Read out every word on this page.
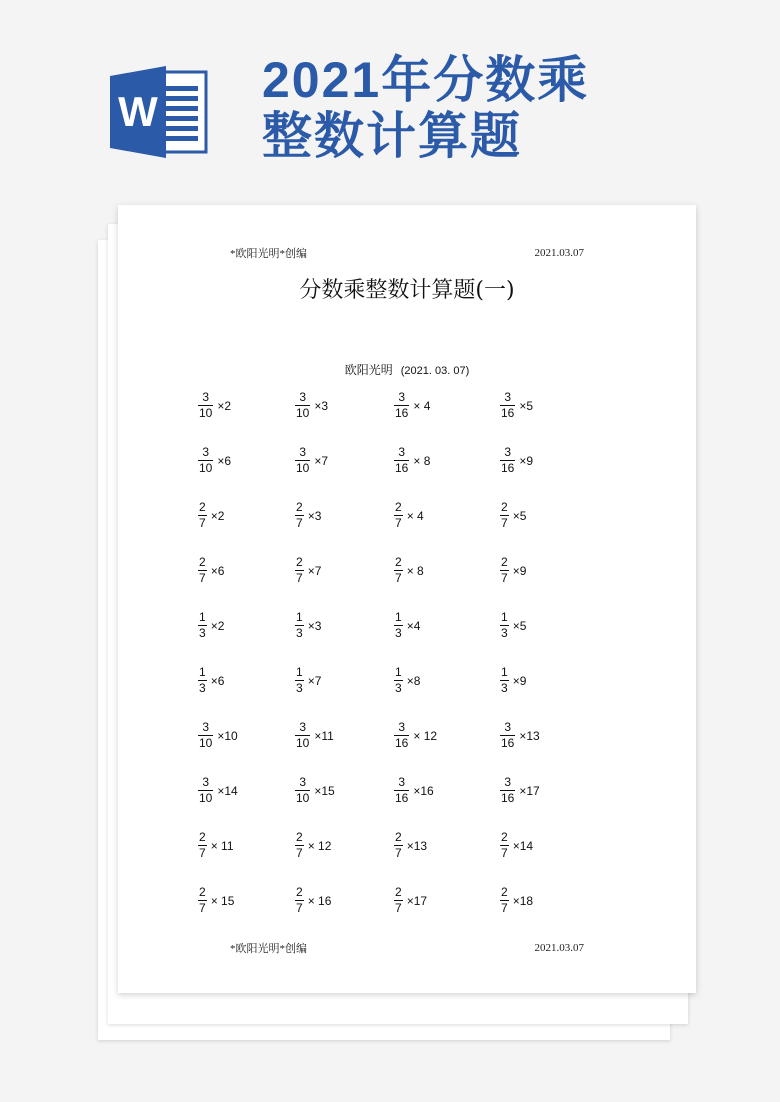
W
2021年分数乘
整数计算题
*欧阳光明*创编	2021.03.07
分数乘整数计算题(一)
欧阳光明 (2021. 03. 07)
$\frac{3}{10} \times 2$	$\frac{3}{10} \times 3$	$\frac{3}{16} \times 4$	$\frac{3}{16} \times 5$
$\frac{3}{10} \times 6$	$\frac{3}{10} \times 7$	$\frac{3}{16} \times 8$	$\frac{3}{16} \times 9$
$\frac{2}{7} \times 2$	$\frac{2}{7} \times 3$	$\frac{2}{7} \times 4$	$\frac{2}{7} \times 5$
$\frac{2}{7} \times 6$	$\frac{2}{7} \times 7$	$\frac{2}{7} \times 8$	$\frac{2}{7} \times 9$
$\frac{1}{3} \times 2$	$\frac{1}{3} \times 3$	$\frac{1}{3} \times 4$	$\frac{1}{3} \times 5$
$\frac{1}{3} \times 6$	$\frac{1}{3} \times 7$	$\frac{1}{3} \times 8$	$\frac{1}{3} \times 9$
$\frac{3}{10} \times 10$	$\frac{3}{10} \times 11$	$\frac{3}{16} \times 12$	$\frac{3}{16} \times 13$
$\frac{3}{10} \times 14$	$\frac{3}{10} \times 15$	$\frac{3}{16} \times 16$	$\frac{3}{16} \times 17$
$\frac{2}{7} \times 11$	$\frac{2}{7} \times 12$	$\frac{2}{7} \times 13$	$\frac{2}{7} \times 14$
$\frac{2}{7} \times 15$	$\frac{2}{7} \times 16$	$\frac{2}{7} \times 17$	$\frac{2}{7} \times 18$
*欧阳光明*创编	2021.03.07
